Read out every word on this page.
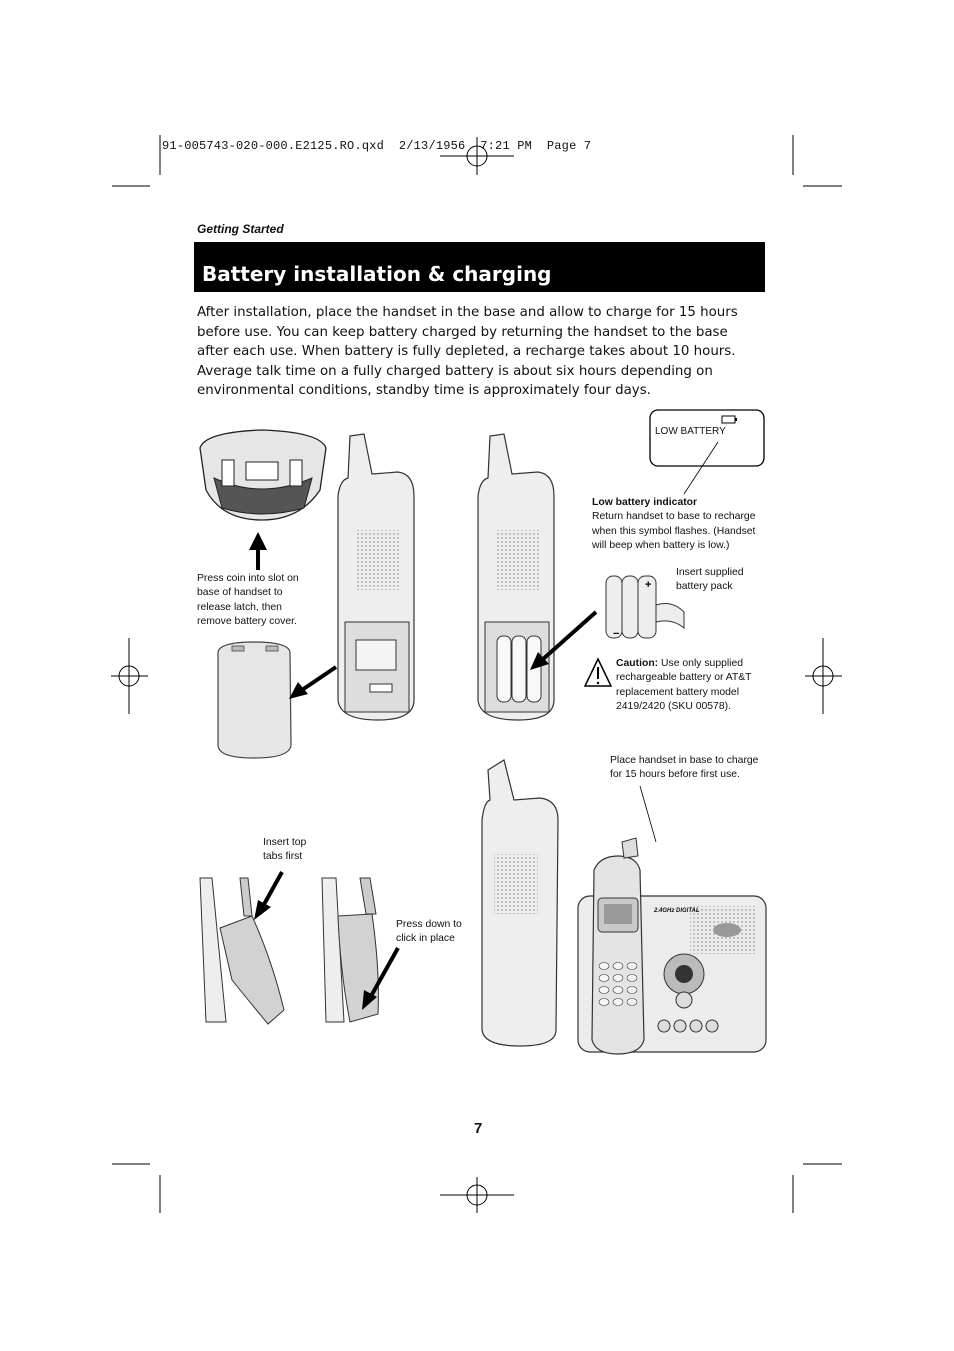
+
−
91-005743-020-000.E2125.RO.qxd  2/13/1956  7:21 PM  Page 7
Getting Started
Battery installation & charging
After installation, place the handset in the base and allow to charge for 15 hours before use. You can keep battery charged by returning the handset to the base after each use. When battery is fully depleted, a recharge takes about 10 hours. Average talk time on a fully charged battery is about six hours depending on environmental conditions, standby time is approximately four days.
LOW BATTERY
Low battery indicator
Return handset to base to recharge when this symbol flashes. (Handset will beep when battery is low.)
Press coin into slot on base of handset to release latch, then remove battery cover.
Insert supplied battery pack
Caution: Use only supplied rechargeable battery or AT&T replacement battery model 2419/2420 (SKU 00578).
Place handset in base to charge for 15 hours before first use.
Insert top tabs first
Press down to click in place
2.4GHz DIGITAL
7
